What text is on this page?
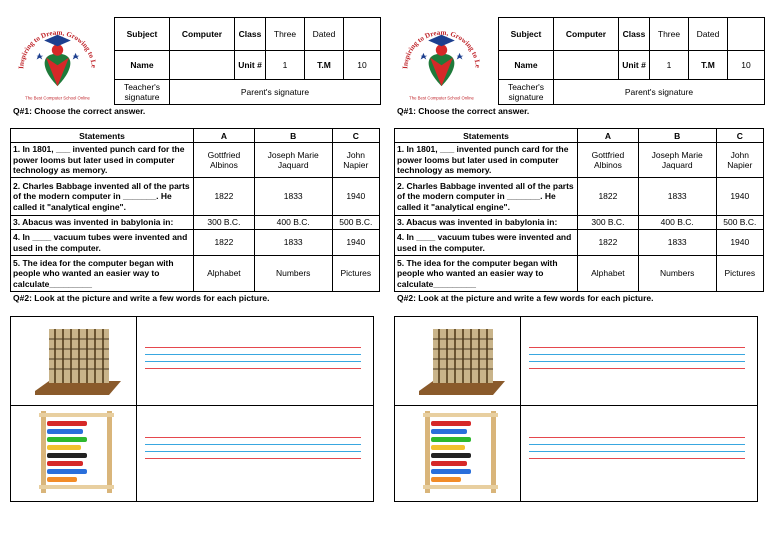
Inspiring to Dream, Growing to Le
The Best Computer School Online
Subject	Computer	Class	Three	Dated	
Name		Unit #	1	T.M	10
Teacher's signature	Parent's signature				
Q#1: Choose the correct answer.
Statements	A	B	C
1. In 1801, ___ invented punch card for the power looms but later used in computer technology as memory.	Gottfried Albinos	Joseph Marie Jaquard	John Napier
2. Charles Babbage invented all of the parts of the modern computer in _______. He called it "analytical engine".	1822	1833	1940
3. Abacus was invented in babylonia in:	300 B.C.	400 B.C.	500 B.C.
4. In ____ vacuum tubes were invented and used in the computer.	1822	1833	1940
5. The idea for the computer began with people who wanted an easier way to calculate_________	Alphabet	Numbers	Pictures
Q#2: Look at the picture and write a few words for each picture.
Inspiring to Dream, Growing to Le
The Best Computer School Online
Subject	Computer	Class	Three	Dated	
Name		Unit #	1	T.M	10
Teacher's signature	Parent's signature				
Q#1: Choose the correct answer.
Statements	A	B	C
1. In 1801, ___ invented punch card for the power looms but later used in computer technology as memory.	Gottfried Albinos	Joseph Marie Jaquard	John Napier
2. Charles Babbage invented all of the parts of the modern computer in _______. He called it "analytical engine".	1822	1833	1940
3. Abacus was invented in babylonia in:	300 B.C.	400 B.C.	500 B.C.
4. In ____ vacuum tubes were invented and used in the computer.	1822	1833	1940
5. The idea for the computer began with people who wanted an easier way to calculate_________	Alphabet	Numbers	Pictures
Q#2: Look at the picture and write a few words for each picture.
